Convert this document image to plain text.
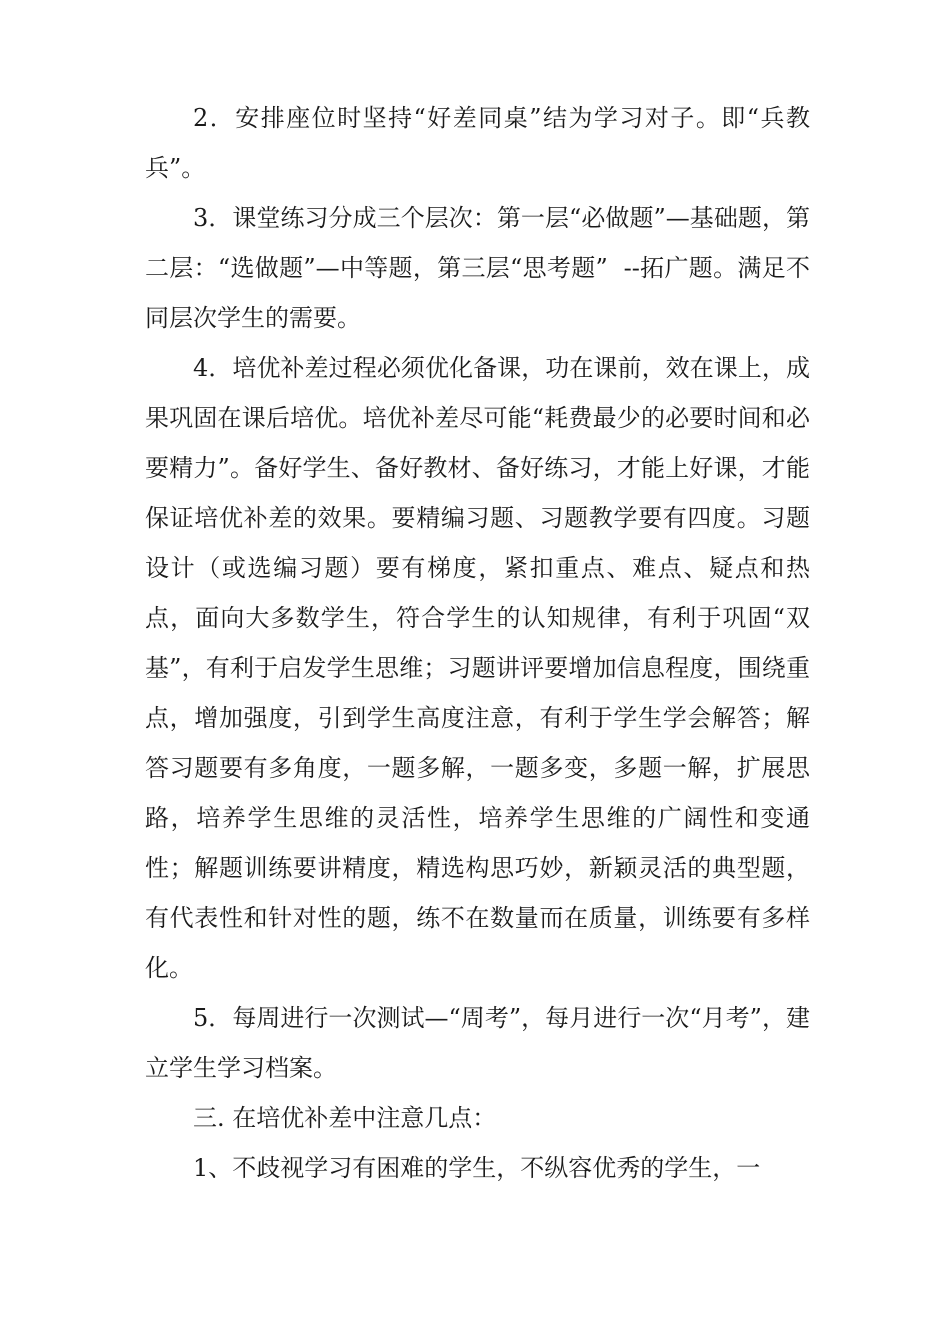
2．安排座位时坚持“好差同桌”结为学习对子。即“兵教兵”。

3．课堂练习分成三个层次：第一层“必做题”—基础题，第二层：“选做题”—中等题，第三层“思考题”  --拓广题。满足不同层次学生的需要。

4．培优补差过程必须优化备课，功在课前，效在课上，成果巩固在课后培优。培优补差尽可能“耗费最少的必要时间和必要精力”。备好学生、备好教材、备好练习，才能上好课，才能保证培优补差的效果。要精编习题、习题教学要有四度。习题设计（或选编习题）要有梯度，紧扣重点、难点、疑点和热点，面向大多数学生，符合学生的认知规律，有利于巩固“双基”，有利于启发学生思维；习题讲评要增加信息程度，围绕重点，增加强度，引到学生高度注意，有利于学生学会解答；解答习题要有多角度，一题多解，一题多变，多题一解，扩展思路，培养学生思维的灵活性，培养学生思维的广阔性和变通性；解题训练要讲精度，精选构思巧妙，新颖灵活的典型题，有代表性和针对性的题，练不在数量而在质量，训练要有多样化。

5．每周进行一次测试—“周考”，每月进行一次“月考”，建立学生学习档案。

三. 在培优补差中注意几点：

1、不歧视学习有困难的学生，不纵容优秀的学生，一
